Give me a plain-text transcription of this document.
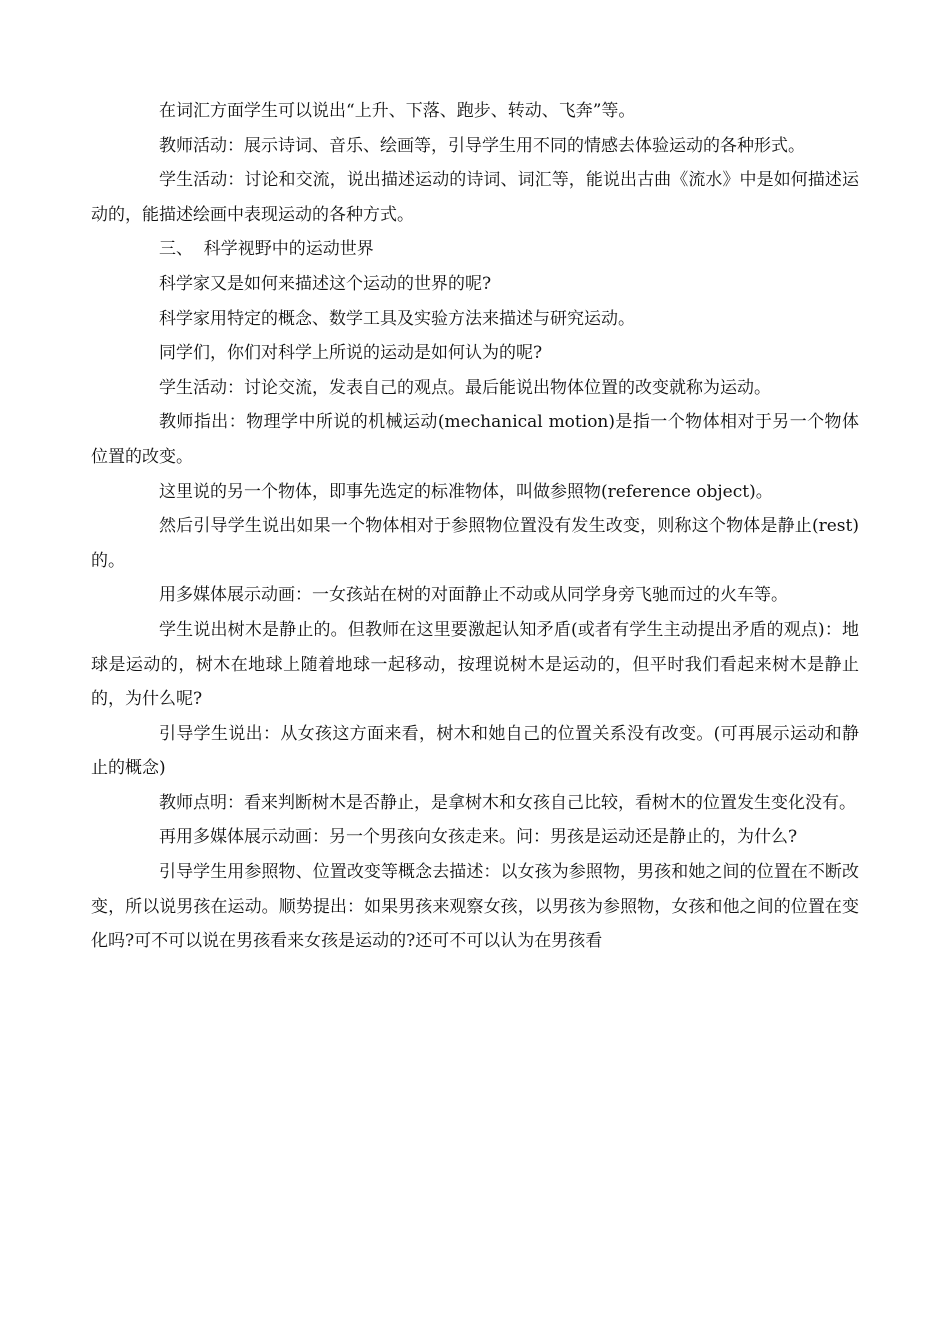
在词汇方面学生可以说出“上升、下落、跑步、转动、飞奔”等。

教师活动：展示诗词、音乐、绘画等，引导学生用不同的情感去体验运动的各种形式。

学生活动：讨论和交流，说出描述运动的诗词、词汇等，能说出古曲《流水》中是如何描述运动的，能描述绘画中表现运动的各种方式。

三、  科学视野中的运动世界

科学家又是如何来描述这个运动的世界的呢?

科学家用特定的概念、数学工具及实验方法来描述与研究运动。

同学们，你们对科学上所说的运动是如何认为的呢?

学生活动：讨论交流，发表自己的观点。最后能说出物体位置的改变就称为运动。

教师指出：物理学中所说的机械运动(mechanical motion)是指一个物体相对于另一个物体位置的改变。

这里说的另一个物体，即事先选定的标准物体，叫做参照物(reference object)。

然后引导学生说出如果一个物体相对于参照物位置没有发生改变，则称这个物体是静止(rest)的。

用多媒体展示动画：一女孩站在树的对面静止不动或从同学身旁飞驰而过的火车等。

学生说出树木是静止的。但教师在这里要激起认知矛盾(或者有学生主动提出矛盾的观点)：地球是运动的，树木在地球上随着地球一起移动，按理说树木是运动的，但平时我们看起来树木是静止的，为什么呢?

引导学生说出：从女孩这方面来看，树木和她自己的位置关系没有改变。(可再展示运动和静止的概念)

教师点明：看来判断树木是否静止，是拿树木和女孩自己比较，看树木的位置发生变化没有。

再用多媒体展示动画：另一个男孩向女孩走来。问：男孩是运动还是静止的，为什么?

引导学生用参照物、位置改变等概念去描述：以女孩为参照物，男孩和她之间的位置在不断改变，所以说男孩在运动。顺势提出：如果男孩来观察女孩，以男孩为参照物，女孩和他之间的位置在变化吗?可不可以说在男孩看来女孩是运动的?还可不可以认为在男孩看
